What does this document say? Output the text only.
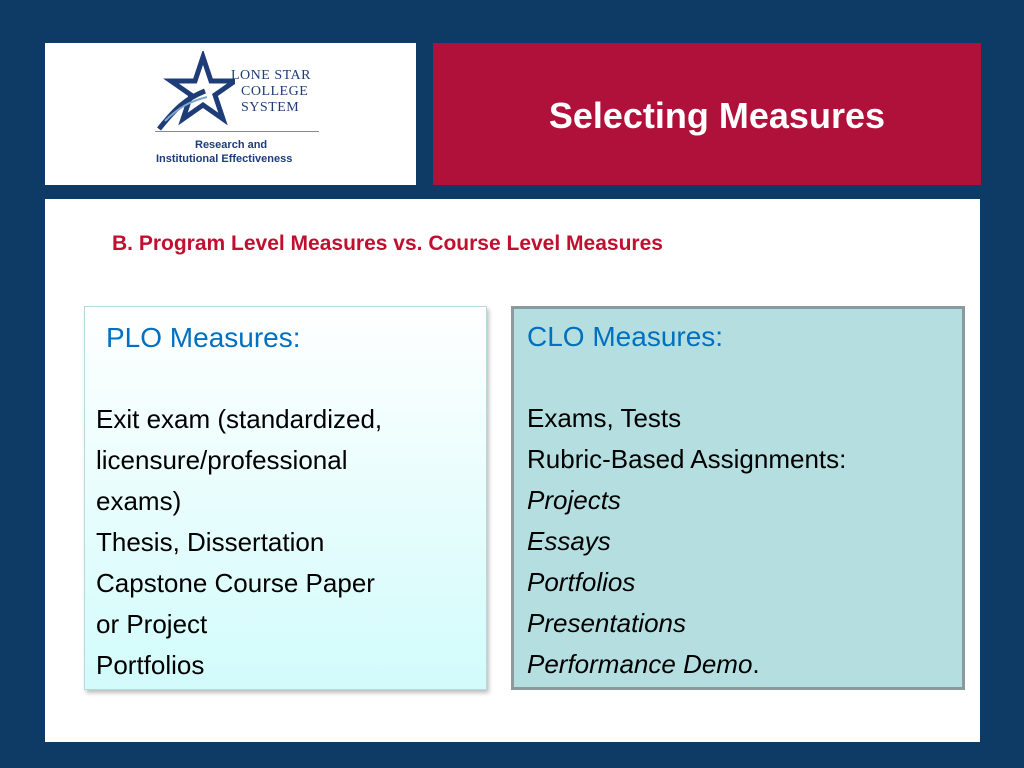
LONE STAR
COLLEGE
SYSTEM
Research and
Institutional Effectiveness
Selecting Measures
B. Program Level Measures vs. Course Level Measures
PLO Measures:
Exit exam (standardized,
licensure/professional
exams)
Thesis, Dissertation
Capstone Course Paper
or Project
Portfolios
CLO Measures:
Exams, Tests
Rubric-Based Assignments:
Projects
Essays
Portfolios
Presentations
Performance Demo.
